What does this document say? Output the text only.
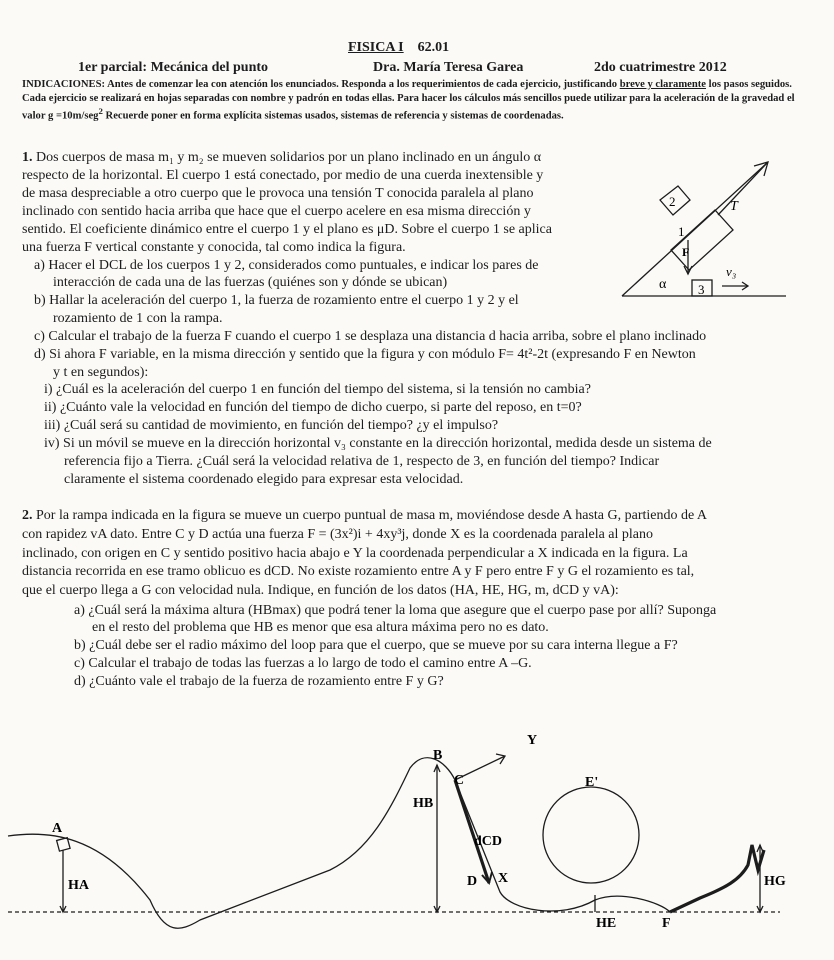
FISICA I 62.01
1er parcial: Mecánica del punto	Dra. María Teresa Garea	2do cuatrimestre 2012
INDICACIONES: Antes de comenzar lea con atención los enunciados. Responda a los requerimientos de cada ejercicio, justificando breve y claramente los pasos seguidos. Cada ejercicio se realizará en hojas separadas con nombre y padrón en todas ellas. Para hacer los cálculos más sencillos puede utilizar para la aceleración de la gravedad el valor g =10m/seg$^2$ Recuerde poner en forma explícita sistemas usados, sistemas de referencia y sistemas de coordenadas.
1. Dos cuerpos de masa m₁ y m₂ se mueven solidarios por un plano inclinado en un ángulo α
respecto de la horizontal. El cuerpo 1 está conectado, por medio de una cuerda inextensible y
de masa despreciable a otro cuerpo que le provoca una tensión T conocida paralela al plano
inclinado con sentido hacia arriba que hace que el cuerpo acelere en esa misma dirección y
sentido. El coeficiente dinámico entre el cuerpo 1 y el plano es μD. Sobre el cuerpo 1 se aplica
una fuerza F vertical constante y conocida, tal como indica la figura.
a) Hacer el DCL de los cuerpos 1 y 2, considerados como puntuales, e indicar los pares de
interacción de cada una de las fuerzas (quiénes son y dónde se ubican)
b) Hallar la aceleración del cuerpo 1, la fuerza de rozamiento entre el cuerpo 1 y 2 y el
rozamiento de 1 con la rampa.
c) Calcular el trabajo de la fuerza F cuando el cuerpo 1 se desplaza una distancia d hacia arriba, sobre el plano inclinado
d) Si ahora F variable, en la misma dirección y sentido que la figura y con módulo F= 4t²-2t (expresando F en Newton
y t en segundos):
i) ¿Cuál es la aceleración del cuerpo 1 en función del tiempo del sistema, si la tensión no cambia?
ii) ¿Cuánto vale la velocidad en función del tiempo de dicho cuerpo, si parte del reposo, en t=0?
iii) ¿Cuál será su cantidad de movimiento, en función del tiempo? ¿y el impulso?
iv) Si un móvil se mueve en la dirección horizontal v₃ constante en la dirección horizontal, medida desde un sistema de
referencia fijo a Tierra. ¿Cuál será la velocidad relativa de 1, respecto de 3, en función del tiempo? Indicar
claramente el sistema coordenado elegido para expresar esta velocidad.
2
1
T
F
α
v₃
3
2. Por la rampa indicada en la figura se mueve un cuerpo puntual de masa m, moviéndose desde A hasta G, partiendo de A
con rapidez vA dato. Entre C y D actúa una fuerza F = (3x²)i + 4xy³j, donde X es la coordenada paralela al plano
inclinado, con origen en C y sentido positivo hacia abajo e Y la coordenada perpendicular a X indicada en la figura. La
distancia recorrida en ese tramo oblicuo es dCD. No existe rozamiento entre A y F pero entre F y G el rozamiento es tal,
que el cuerpo llega a G con velocidad nula. Indique, en función de los datos (HA, HE, HG, m, dCD y vA):
a) ¿Cuál será la máxima altura (HBmax) que podrá tener la loma que asegure que el cuerpo pase por allí? Suponga
en el resto del problema que HB es menor que esa altura máxima pero no es dato.
b) ¿Cuál debe ser el radio máximo del loop para que el cuerpo, que se mueve por su cara interna llegue a F?
c) Calcular el trabajo de todas las fuerzas a lo largo de todo el camino entre A –G.
d) ¿Cuánto vale el trabajo de la fuerza de rozamiento entre F y G?
A
HA
B
HB
C
Y
dCD
D X
E'
HE	F
HG
